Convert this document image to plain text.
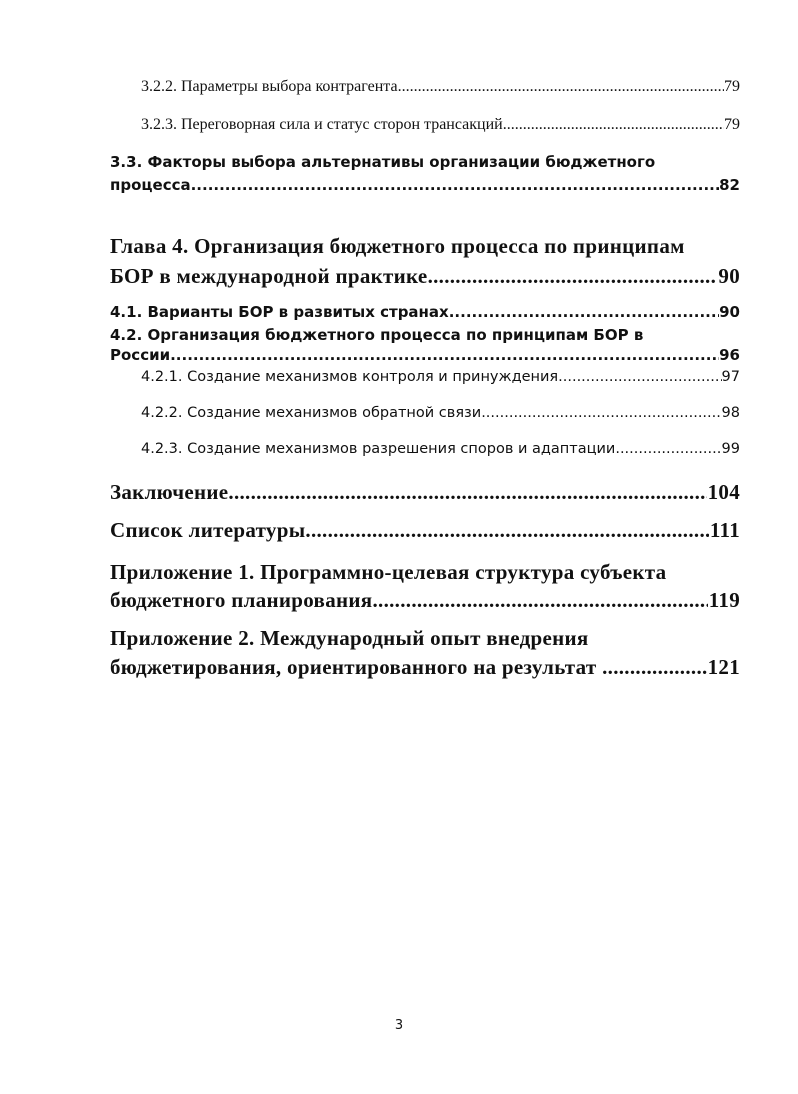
3.2.2. Параметры выбора контрагента .....	79
3.2.3. Переговорная сила и статус сторон трансакций .....	79
3.3. Факторы выбора альтернативы организации бюджетного
процесса .....	82
Глава 4. Организация бюджетного процесса по принципам
БОР в международной практике .....	90
4.1. Варианты БОР в развитых странах .....	90
4.2. Организация бюджетного процесса по принципам БОР в
России .....	96
4.2.1. Создание механизмов контроля и принуждения .....	97
4.2.2. Создание механизмов обратной связи .....	98
4.2.3. Создание механизмов разрешения споров и адаптации .....	99
Заключение .....	104
Список литературы .....	111
Приложение 1. Программно-целевая структура субъекта
бюджетного планирования .....	119
Приложение 2. Международный опыт внедрения
бюджетирования, ориентированного на результат .....	121
3
